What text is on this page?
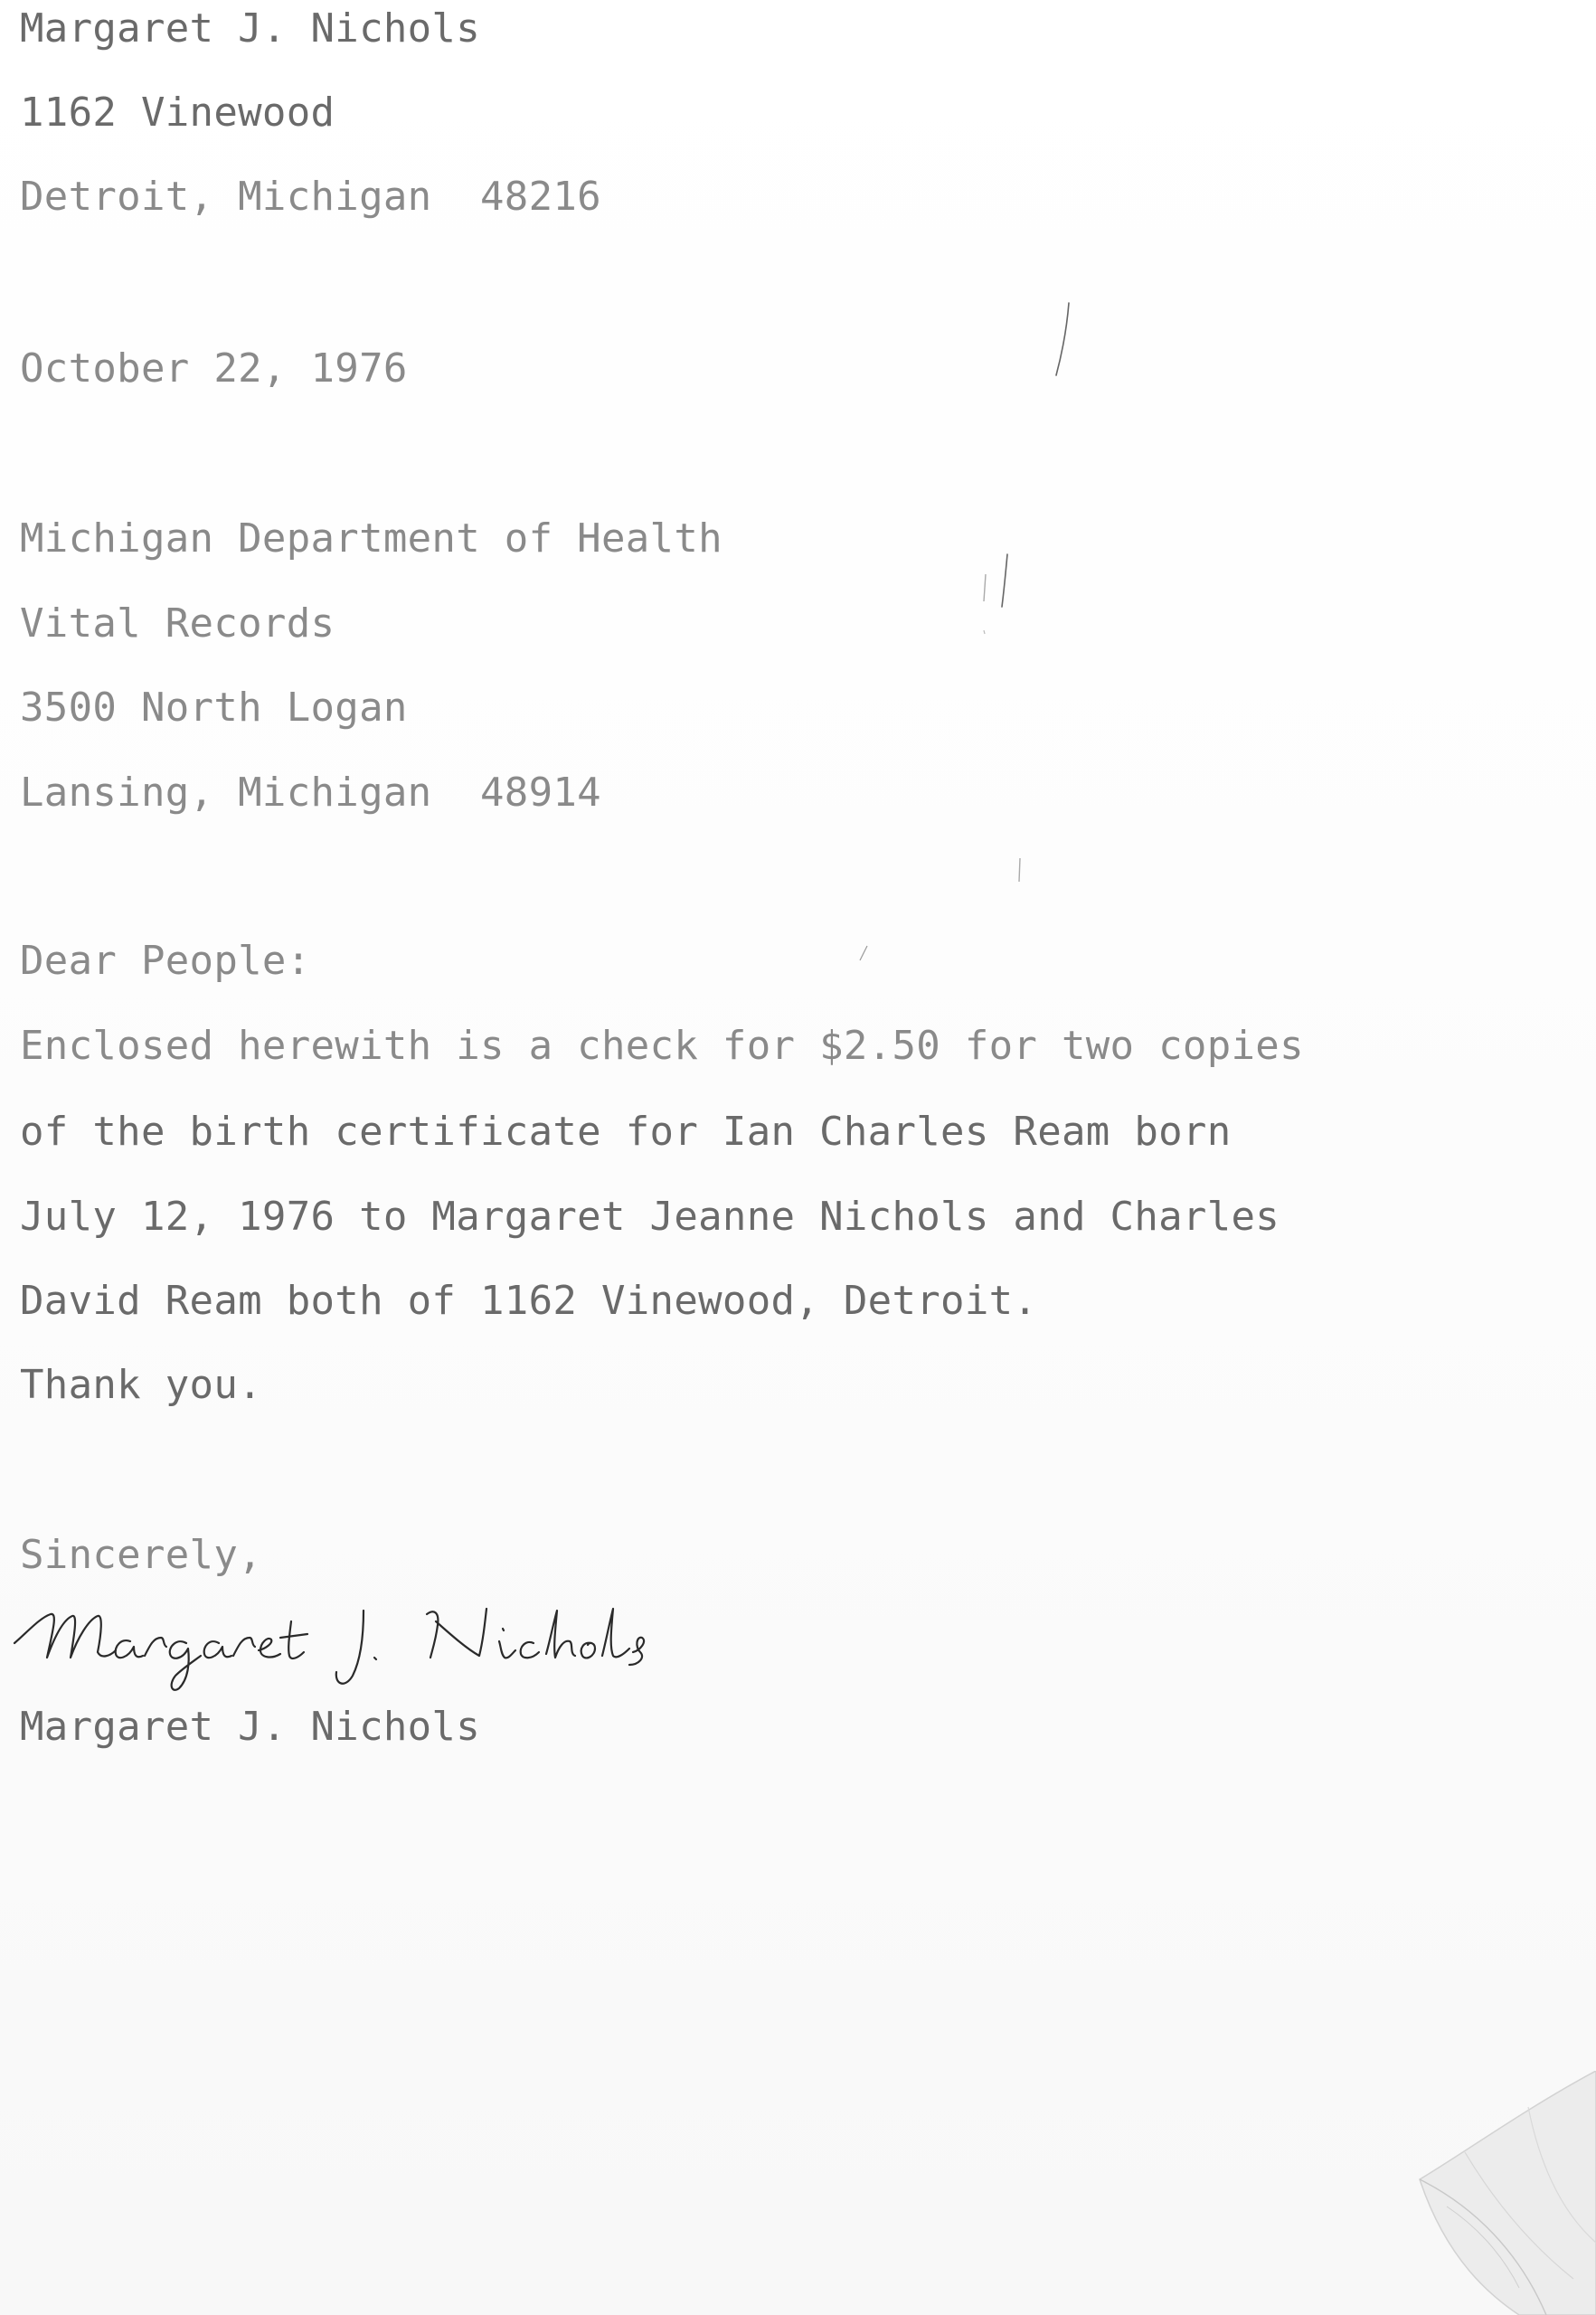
Margaret J. Nichols

1162 Vinewood

Detroit, Michigan  48216

October 22, 1976

Michigan Department of Health

Vital Records

3500 North Logan

Lansing, Michigan  48914

Dear People:

Enclosed herewith is a check for $2.50 for two copies

of the birth certificate for Ian Charles Ream born

July 12, 1976 to Margaret Jeanne Nichols and Charles

David Ream both of 1162 Vinewood, Detroit.

Thank you.

Sincerely,

Margaret J. Nichols
